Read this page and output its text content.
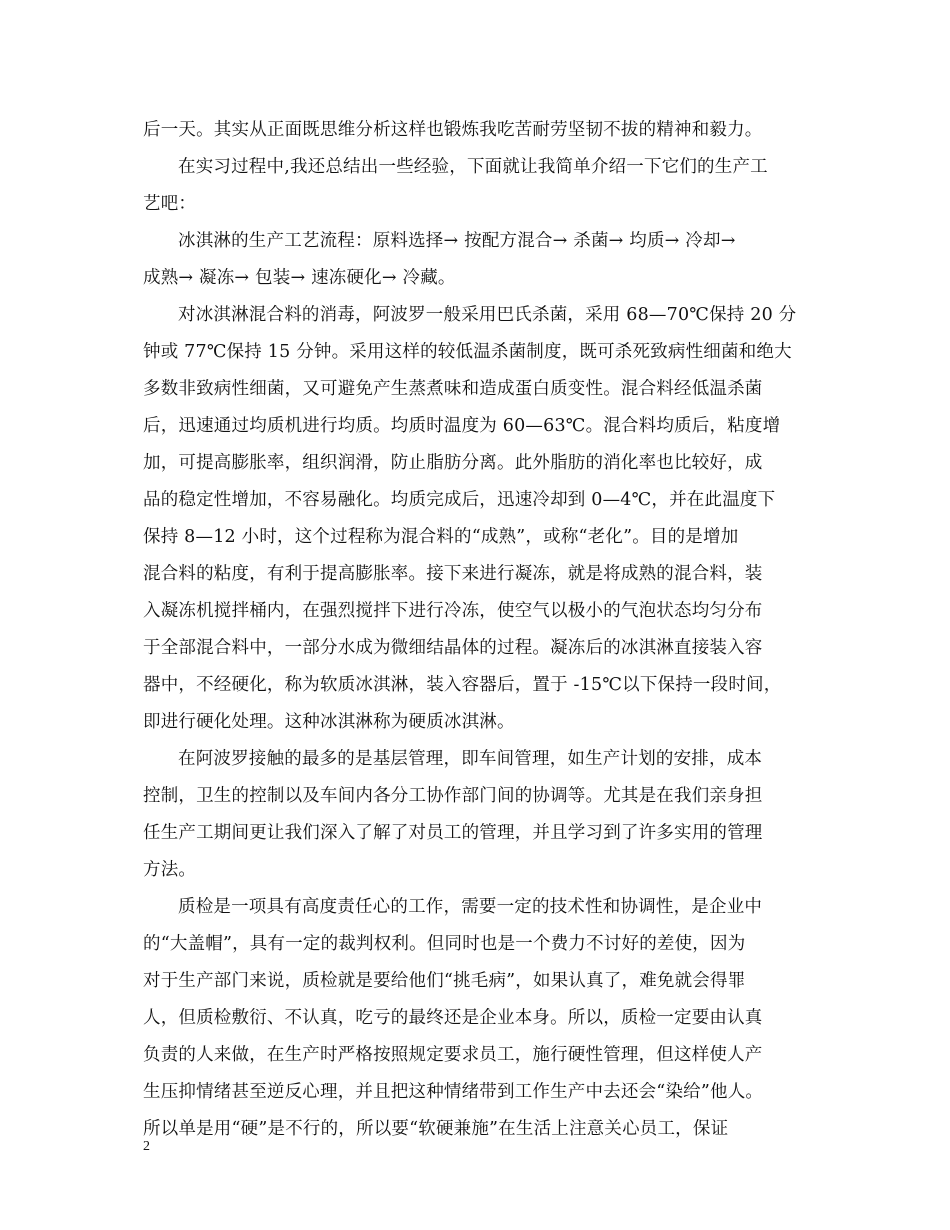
后一天。其实从正面既思维分析这样也锻炼我吃苦耐劳坚韧不拔的精神和毅力。
在实习过程中,我还总结出一些经验，下面就让我简单介绍一下它们的生产工
艺吧：
冰淇淋的生产工艺流程：原料选择→ 按配方混合→ 杀菌→ 均质→ 冷却→
成熟→ 凝冻→ 包装→ 速冻硬化→ 冷藏。
对冰淇淋混合料的消毒，阿波罗一般采用巴氏杀菌，采用 68—70℃保持 20 分
钟或 77℃保持 15 分钟。采用这样的较低温杀菌制度，既可杀死致病性细菌和绝大
多数非致病性细菌，又可避免产生蒸煮味和造成蛋白质变性。混合料经低温杀菌
后，迅速通过均质机进行均质。均质时温度为 60—63℃。混合料均质后，粘度增
加，可提高膨胀率，组织润滑，防止脂肪分离。此外脂肪的消化率也比较好，成
品的稳定性增加，不容易融化。均质完成后，迅速冷却到 0—4℃，并在此温度下
保持 8—12 小时，这个过程称为混合料的“成熟”，或称“老化”。目的是增加
混合料的粘度，有利于提高膨胀率。接下来进行凝冻，就是将成熟的混合料，装
入凝冻机搅拌桶内，在强烈搅拌下进行冷冻，使空气以极小的气泡状态均匀分布
于全部混合料中，一部分水成为微细结晶体的过程。凝冻后的冰淇淋直接装入容
器中，不经硬化，称为软质冰淇淋，装入容器后，置于 -15℃以下保持一段时间，
即进行硬化处理。这种冰淇淋称为硬质冰淇淋。
在阿波罗接触的最多的是基层管理，即车间管理，如生产计划的安排，成本
控制，卫生的控制以及车间内各分工协作部门间的协调等。尤其是在我们亲身担
任生产工期间更让我们深入了解了对员工的管理，并且学习到了许多实用的管理
方法。
质检是一项具有高度责任心的工作，需要一定的技术性和协调性，是企业中
的“大盖帽”，具有一定的裁判权利。但同时也是一个费力不讨好的差使，因为
对于生产部门来说，质检就是要给他们“挑毛病”，如果认真了，难免就会得罪
人，但质检敷衍、不认真，吃亏的最终还是企业本身。所以，质检一定要由认真
负责的人来做，在生产时严格按照规定要求员工，施行硬性管理，但这样使人产
生压抑情绪甚至逆反心理，并且把这种情绪带到工作生产中去还会“染给”他人。
所以单是用“硬”是不行的，所以要“软硬兼施”在生活上注意关心员工，保证
2
